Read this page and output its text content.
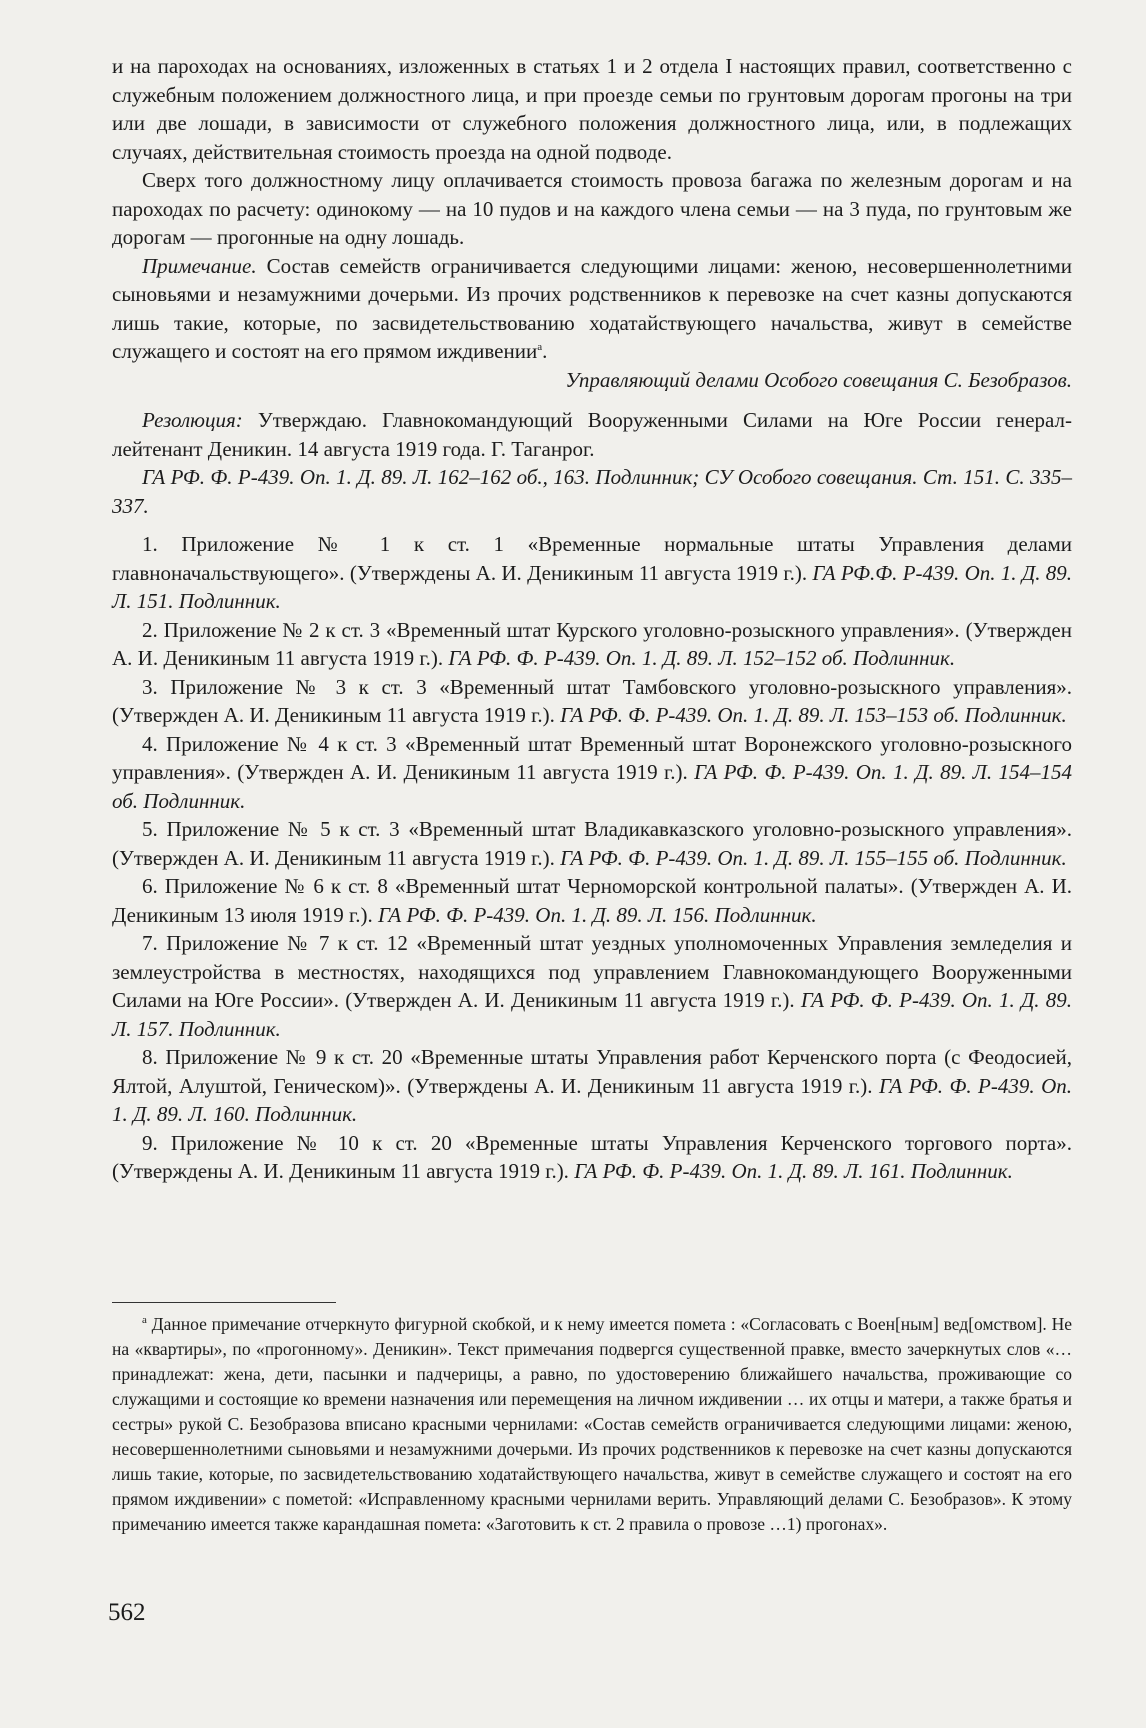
и на пароходах на основаниях, изложенных в статьях 1 и 2 отдела I настоящих правил, соответственно с служебным положением должностного лица, и при проезде семьи по грунтовым дорогам прогоны на три или две лошади, в зависимости от служебного положения должностного лица, или, в подлежащих случаях, действительная стоимость проезда на одной подводе.

Сверх того должностному лицу оплачивается стоимость провоза багажа по железным дорогам и на пароходах по расчету: одинокому — на 10 пудов и на каждого члена семьи — на 3 пуда, по грунтовым же дорогам — прогонные на одну лошадь.

Примечание. Состав семейств ограничивается следующими лицами: женою, несовершеннолетними сыновьями и незамужними дочерьми. Из прочих родственников к перевозке на счет казны допускаются лишь такие, которые, по засвидетельствованию ходатайствующего начальства, живут в семействе служащего и состоят на его прямом иждивении$^а$.

Управляющий делами Особого совещания С. Безобразов.

Резолюция: Утверждаю. Главнокомандующий Вооруженными Силами на Юге России генерал-лейтенант Деникин. 14 августа 1919 года. Г. Таганрог.

ГА РФ. Ф. Р-439. Оп. 1. Д. 89. Л. 162–162 об., 163. Подлинник; СУ Особого совещания. Ст. 151. С. 335–337.

1. Приложение № 1 к ст. 1 «Временные нормальные штаты Управления делами главноначальствующего». (Утверждены А. И. Деникиным 11 августа 1919 г.). ГА РФ.Ф. Р-439. Оп. 1. Д. 89. Л. 151. Подлинник.

2. Приложение № 2 к ст. 3 «Временный штат Курского уголовно-розыскного управления». (Утвержден А. И. Деникиным 11 августа 1919 г.). ГА РФ. Ф. Р-439. Оп. 1. Д. 89. Л. 152–152 об. Подлинник.

3. Приложение № 3 к ст. 3 «Временный штат Тамбовского уголовно-розыскного управления». (Утвержден А. И. Деникиным 11 августа 1919 г.). ГА РФ. Ф. Р-439. Оп. 1. Д. 89. Л. 153–153 об. Подлинник.

4. Приложение № 4 к ст. 3 «Временный штат Временный штат Воронежского уголовно-розыскного управления». (Утвержден А. И. Деникиным 11 августа 1919 г.). ГА РФ. Ф. Р-439. Оп. 1. Д. 89. Л. 154–154 об. Подлинник.

5. Приложение № 5 к ст. 3 «Временный штат Владикавказского уголовно-розыскного управления». (Утвержден А. И. Деникиным 11 августа 1919 г.). ГА РФ. Ф. Р-439. Оп. 1. Д. 89. Л. 155–155 об. Подлинник.

6. Приложение № 6 к ст. 8 «Временный штат Черноморской контрольной палаты». (Утвержден А. И. Деникиным 13 июля 1919 г.). ГА РФ. Ф. Р-439. Оп. 1. Д. 89. Л. 156. Подлинник.

7. Приложение № 7 к ст. 12 «Временный штат уездных уполномоченных Управления земледелия и землеустройства в местностях, находящихся под управлением Главнокомандующего Вооруженными Силами на Юге России». (Утвержден А. И. Деникиным 11 августа 1919 г.). ГА РФ. Ф. Р-439. Оп. 1. Д. 89. Л. 157. Подлинник.

8. Приложение № 9 к ст. 20 «Временные штаты Управления работ Керченского порта (с Феодосией, Ялтой, Алуштой, Геническом)». (Утверждены А. И. Деникиным 11 августа 1919 г.). ГА РФ. Ф. Р-439. Оп. 1. Д. 89. Л. 160. Подлинник.

9. Приложение № 10 к ст. 20 «Временные штаты Управления Керченского торгового порта». (Утверждены А. И. Деникиным 11 августа 1919 г.). ГА РФ. Ф. Р-439. Оп. 1. Д. 89. Л. 161. Подлинник.

$^а$ Данное примечание отчеркнуто фигурной скобкой, и к нему имеется помета : «Согласовать с Воен[ным] вед[омством]. Не на «квартиры», по «прогонному». Деникин». Текст примечания подвергся существенной правке, вместо зачеркнутых слов «…принадлежат: жена, дети, пасынки и падчерицы, а равно, по удостоверению ближайшего начальства, проживающие со служащими и состоящие ко времени назначения или перемещения на личном иждивении … их отцы и матери, а также братья и сестры» рукой С. Безобразова вписано красными чернилами: «Состав семейств ограничивается следующими лицами: женою, несовершеннолетними сыновьями и незамужними дочерьми. Из прочих родственников к перевозке на счет казны допускаются лишь такие, которые, по засвидетельствованию ходатайствующего начальства, живут в семействе служащего и состоят на его прямом иждивении» с пометой: «Исправленному красными чернилами верить. Управляющий делами С. Безобразов». К этому примечанию имеется также карандашная помета: «Заготовить к ст. 2 правила о провозе …1) прогонах».

562
